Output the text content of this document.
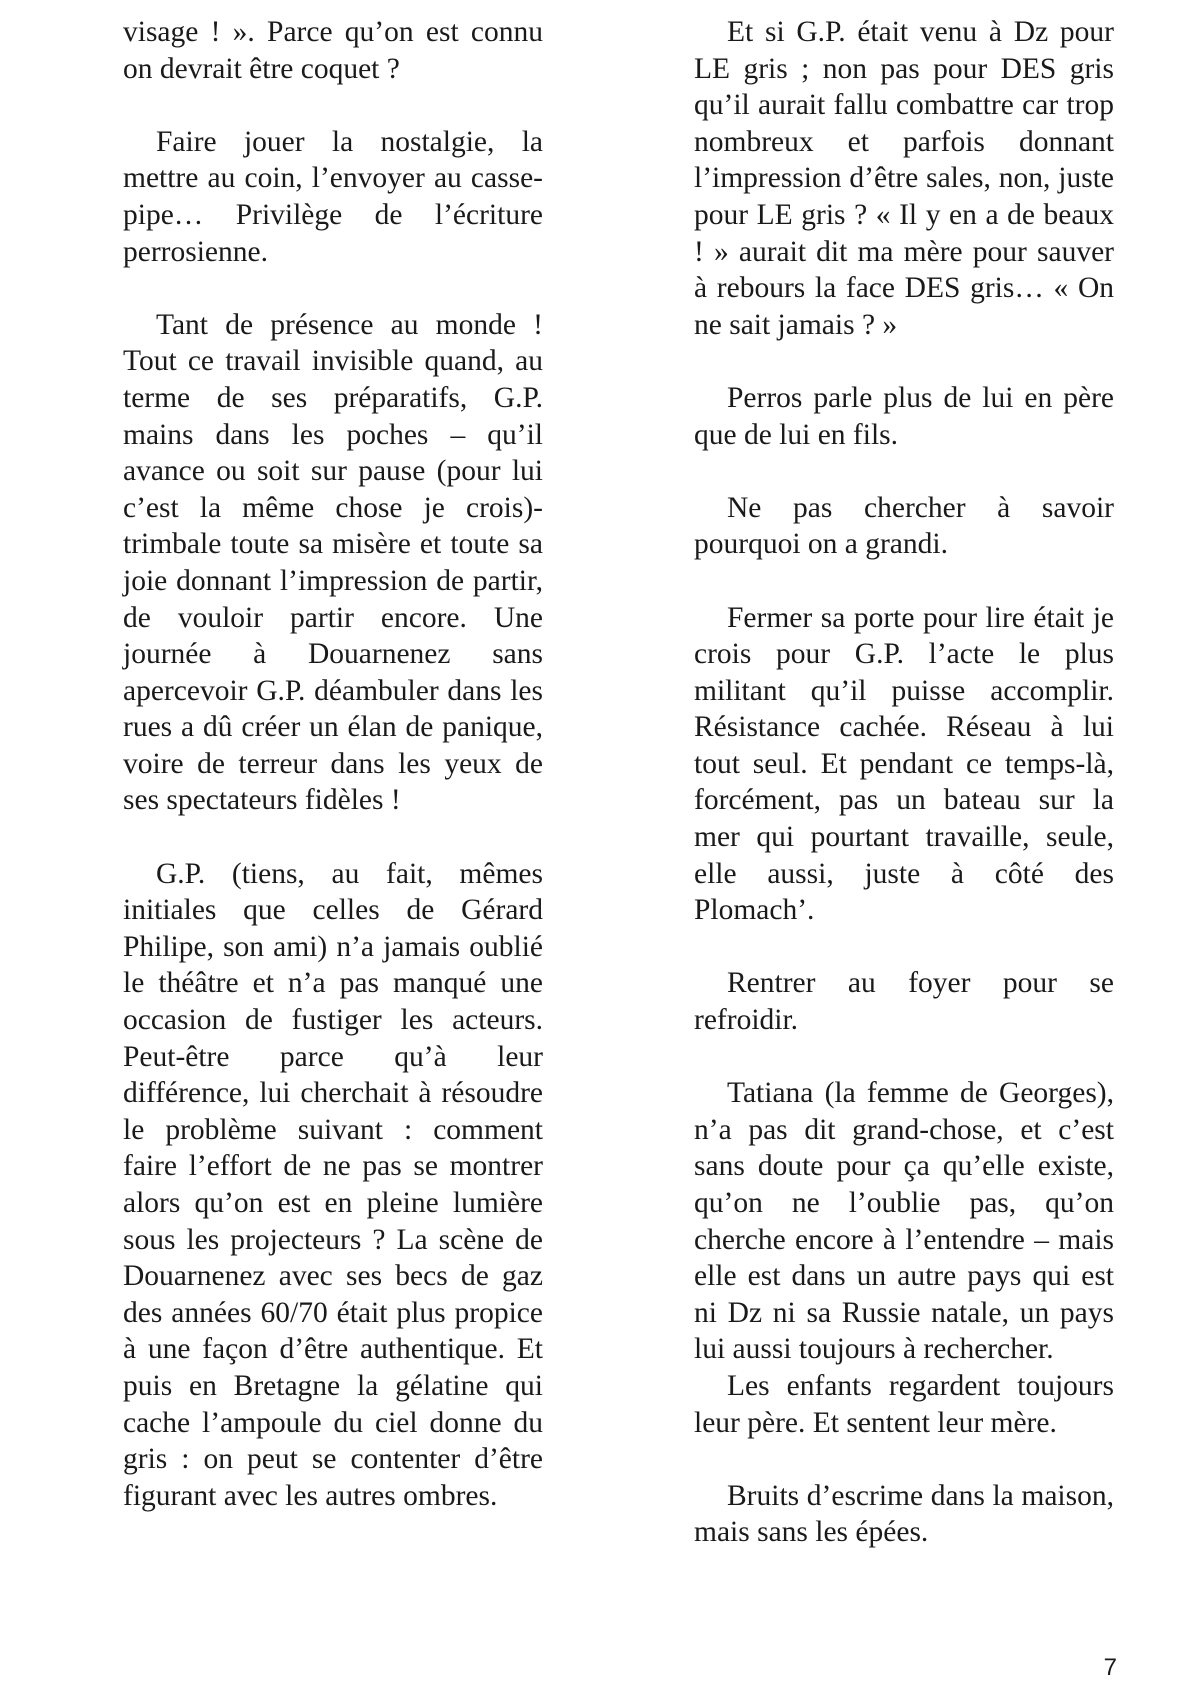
visage ! ». Parce qu’on est connu on devrait être coquet ?

Faire jouer la nostalgie, la mettre au coin, l’envoyer au casse-pipe… Privilège de l’écriture perrosienne.

Tant de présence au monde ! Tout ce travail invisible quand, au terme de ses préparatifs, G.P. mains dans les poches – qu’il avance ou soit sur pause (pour lui c’est la même chose je crois)- trimbale toute sa misère et toute sa joie donnant l’impression de partir, de vouloir partir encore. Une journée à Douarnenez sans apercevoir G.P. déambuler dans les rues a dû créer un élan de panique, voire de terreur dans les yeux de ses spectateurs fidèles !

G.P. (tiens, au fait, mêmes initiales que celles de Gérard Philipe, son ami) n’a jamais oublié le théâtre et n’a pas manqué une occasion de fustiger les acteurs. Peut-être parce qu’à leur différence, lui cherchait à résoudre le problème suivant : comment faire l’effort de ne pas se montrer alors qu’on est en pleine lumière sous les projecteurs ? La scène de Douarnenez avec ses becs de gaz des années 60/70 était plus propice à une façon d’être authentique. Et puis en Bretagne la gélatine qui cache l’ampoule du ciel donne du gris : on peut se contenter d’être figurant avec les autres ombres.

Et si G.P. était venu à Dz pour LE gris ; non pas pour DES gris qu’il aurait fallu combattre car trop nombreux et parfois donnant l’impression d’être sales, non, juste pour LE gris ? « Il y en a de beaux ! » aurait dit ma mère pour sauver à rebours la face DES gris… « On ne sait jamais ? »

Perros parle plus de lui en père que de lui en fils.

Ne pas chercher à savoir pourquoi on a grandi.

Fermer sa porte pour lire était je crois pour G.P. l’acte le plus militant qu’il puisse accomplir. Résistance cachée. Réseau à lui tout seul. Et pendant ce temps-là, forcément, pas un bateau sur la mer qui pourtant travaille, seule, elle aussi, juste à côté des Plomach’.

Rentrer au foyer pour se refroidir.

Tatiana (la femme de Georges), n’a pas dit grand-chose, et c’est sans doute pour ça qu’elle existe, qu’on ne l’oublie pas, qu’on cherche encore à l’entendre – mais elle est dans un autre pays qui est ni Dz ni sa Russie natale, un pays lui aussi toujours à rechercher.

Les enfants regardent toujours leur père. Et sentent leur mère.

Bruits d’escrime dans la maison, mais sans les épées.

7
